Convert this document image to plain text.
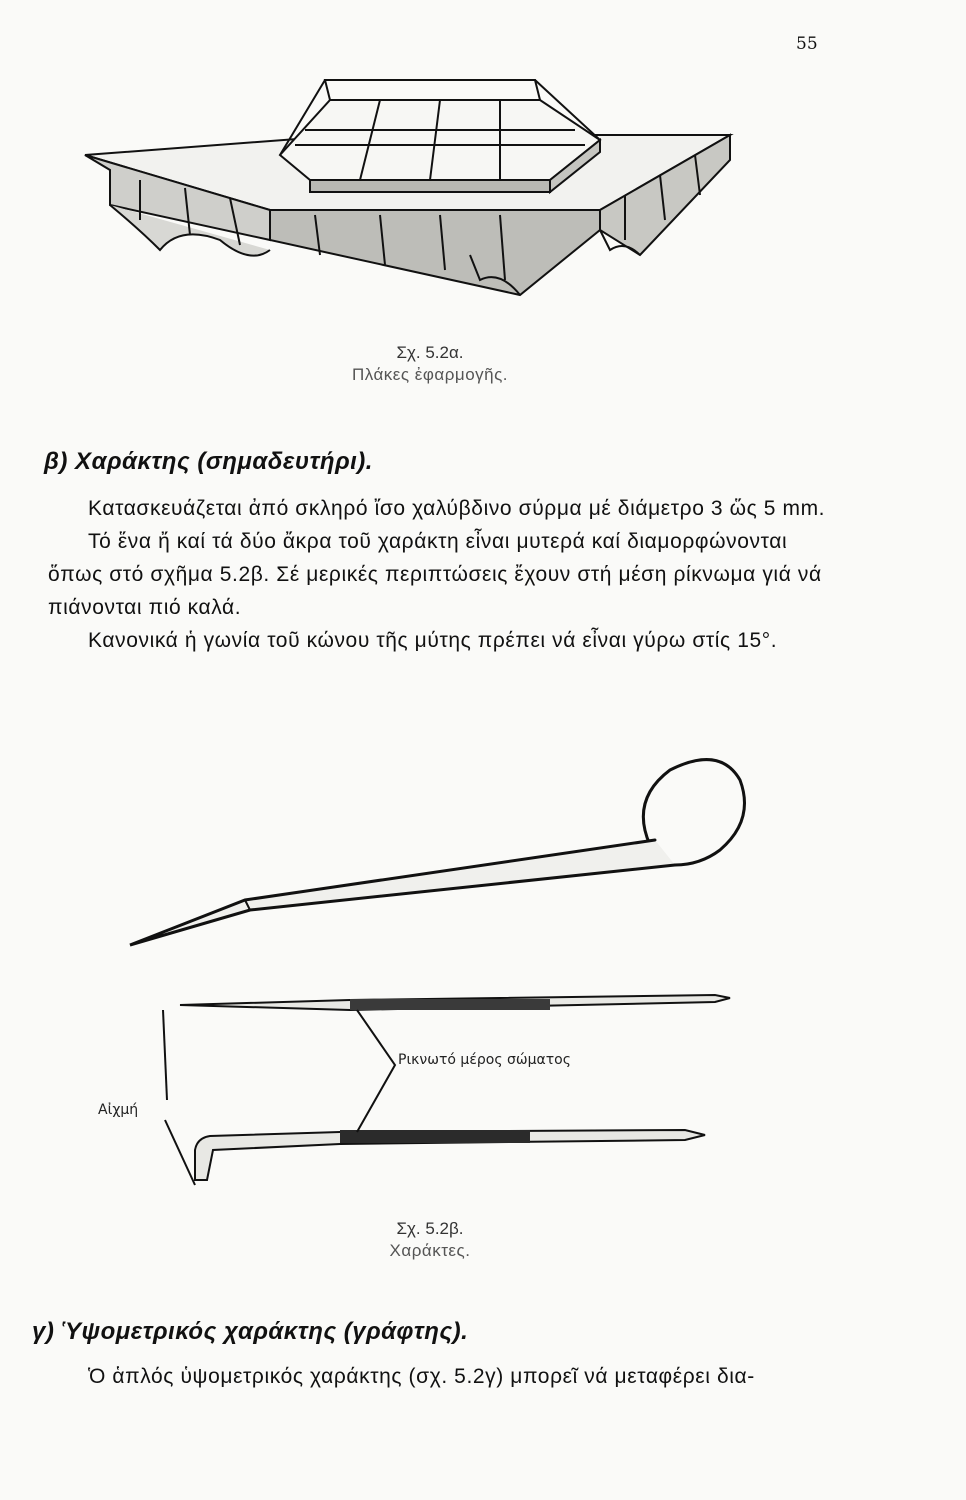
55
Σχ. 5.2α.
Πλάκες ἐφαρμογῆς.
β) Χαράκτης (σημαδευτήρι).

Κατασκευάζεται ἀπό σκληρό ἴσο χαλύβδινο σύρμα μέ διάμετρο 3 ὥς 5 mm.

Τό ἕνα ἤ καί τά δύο ἄκρα τοῦ χαράκτη εἶναι μυτερά καί διαμορφώνονται ὅπως στό σχῆμα 5.2β. Σέ μερικές περιπτώσεις ἔχουν στή μέση ρίκνωμα γιά νά πιάνονται πιό καλά.

Κανονικά ἡ γωνία τοῦ κώνου τῆς μύτης πρέπει νά εἶναι γύρω στίς 15°.

Ρικνωτό μέρος σώματος
Αἰχμή
Σχ. 5.2β.
Χαράκτες.
γ) Ὑψομετρικός χαράκτης (γράφτης).

Ὁ ἁπλός ὑψομετρικός χαράκτης (σχ. 5.2γ) μπορεῖ νά μεταφέρει δια-
